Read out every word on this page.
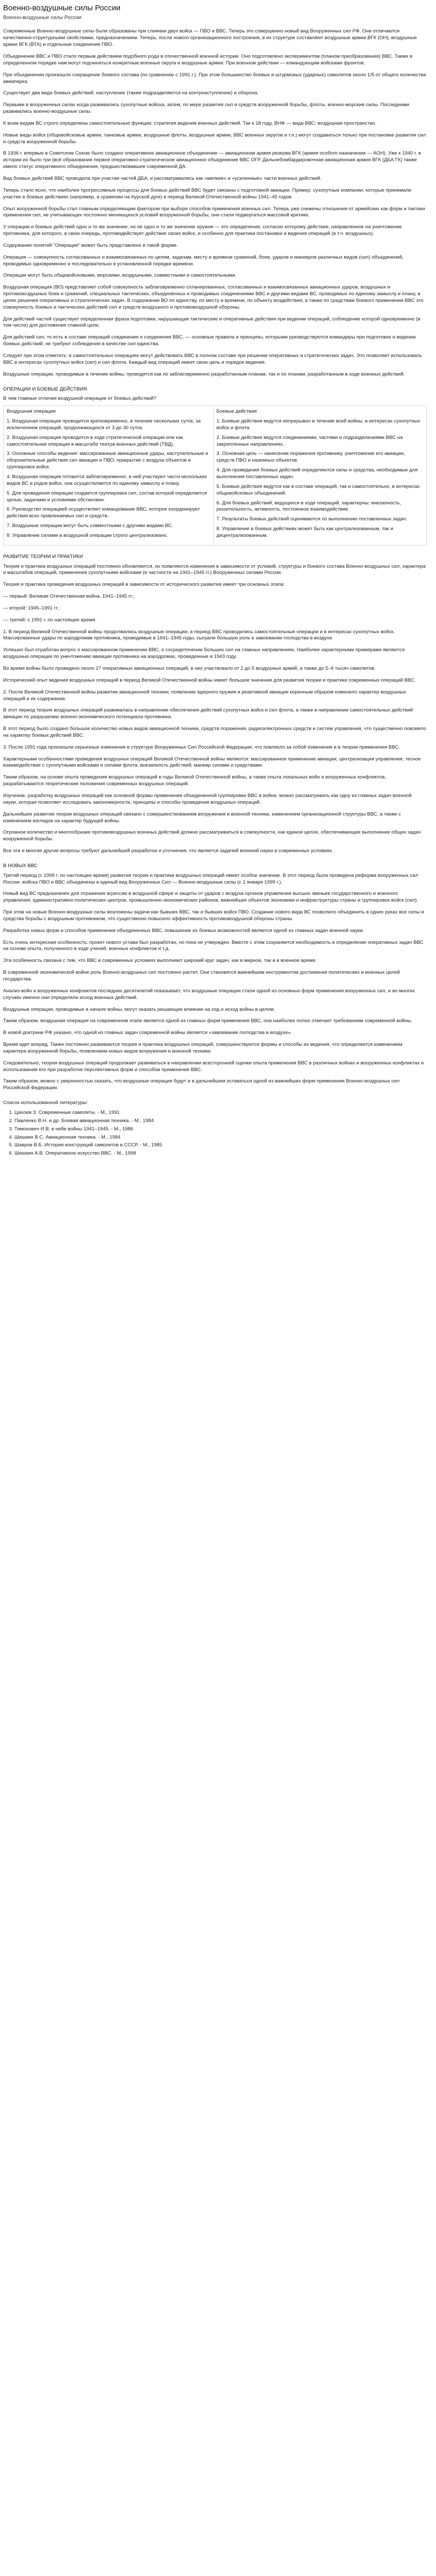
Военно-воздушные силы России
Военно-воздушные силы России

Современные Военно-воздушные силы были образованы при слиянии двух войск — ПВО и ВВС. Теперь это совершенно новый вид Вооруженных сил РФ. Они отличаются качественно-структурными свойствами, предназначением. Теперь, после нового организационного построения, в их структуре составляют воздушные армии ВГК (ОН), воздушные армии ВГК (ВТА) и отдельные соединения ПВО.

Объединение ВВС и ПВО стало первым действием подобного рода в отечественной военной истории. Оно подготовлено экспериментом (планом преобразования) ВВС. Также в определенном порядке нам могут подчиняться конкретные военные округа и воздушные армии. При военном действии — командующим войсками фронтов.

При объединении произошло сокращение боевого состава (по сравнению с 1991 г.). При этом большинство боевых и штурмовых (ударных) самолетов около 1/5 от общего количества авиапарка.

Существует два вида боевых действий: наступление (также подразделяются на контрнаступление) и оборона.

Первыми в вооруженных силах когда развивались сухопутные войска, затем, по мере развития сил и средств вооруженной борьбы, флоты, военно-морские силы. Последними развивались военно-воздушные силы.

К всем видам ВС строго определены самостоятельные функции: стратегия ведения военных действий. Так к 18 году, ВНФ — вида ВВС: воздушная пространство.

Новые виды войск (общевойсковые армии, танковые армии, воздушные флоты, воздушные армии, ВВС военных округов и т.п.) могут создаваться только при постановке развития сил и средств вооруженной борьбы.

В 1936 г. впервые в Советском Союзе было создано оперативное авиационное объединение — авиационная армия резерва ВГК (армия особого назначения — АОН). Уже к 1940 г. в истории их было три (всё образование первое оперативно-стратегическое авиационное объединение ВВС ОГР. Дальнебомбардировочная авиационная армия ВГК (ДБА ГК) также имело статус оперативного объединения, предшествовавшее современной ДА.

Вид боевых действий ВВС проводила при участии частей ДБА, и рассматривались как «мелкие» и «усиленные» части военных действий.

Теперь стало ясно, что наиболее прогрессивные процессы для боевых действий ВВС будет связаны с подготовкой авиации. Пример: сухопутные компании, которые принимали участие в боевых действиях (например, в сражении на Курской дуге) в период Великой Отечественной войны 1941–45 годов.

Опыт вооруженной борьбы стал главным определяющим фактором при выборе способов применения военных сил. Теперь уже снижены отношения от армейских как форм и тактики применения сил, не учитывающих постоянно меняющихся условий вооруженной борьбы, они стали подвергаться массовой критике.

У операции и боевых действий одно и то же значение, но не одно и то же значение оружия — это определение, согласно которому действие, направленное на уничтожение противника, для которого, в свою очередь, противодействует действие своих войск, и особенно для практики постановки и ведения операций (в т.ч. воздушных).

Содержание понятий "Операция" может быть представлено в такой форме.

Операция — совокупность согласованных и взаимосвязанных по целям, задачам, месту и времени сражений, боев, ударов и маневров различных видов (сил) объединений, проводимых одновременно и последовательно в установленной порядке времени.

Операции могут быть общевойсковыми, морскими, воздушными, совместными и самостоятельными.

Воздушная операция (ВО) представляет собой совокупность заблаговременно спланированных, согласованных и взаимосвязанных авиационных ударов, воздушных и противовоздушных боев и сражений, специальных тактических, объединённых и проводимых соединениями ВВС и другими видами ВС, проводимых по единому замыслу и плану, в целях решения оперативных и стратегических задач. В содержании ВО по единству, по месту и времени, по объекту воздействия, а также по средствам боевого применения ВВС это совокупность боевых и тактических действий сил и средств воздушного и противовоздушной обороны.

Для действий частей существует определенная фраза подготовки, нарушающая тактические и оперативные действия при ведении операций, соблюдение которой одновременно (в том числе) для достижения главной цели.

Для действий сил, то есть в составе операций соединения и соединения ВВС, — основные правила и принципы, которыми руководствуются командиры при подготовке и ведении боевых действий, не требуют соблюдения в качестве сил единства.

Следует при этом отметить: в самостоятельных операциях могут действовать ВВС в полном составе при решении оперативных и стратегических задач. Это позволяет использовать ВВС в интересах сухопутных войск (сил) и сил флота. Каждый вид операций имеет свою цель и порядок ведения.

Воздушные операции, проводимые в течение войны, проводятся как по заблаговременно разработанным планам, так и по планам, разработанным в ходе военных действий.

ОПЕРАЦИИ И БОЕВЫЕ ДЕЙСТВИЯ.
В чем главные отличия воздушной операции от боевых действий?
Воздушная операция
1. Воздушная операция проводится кратковременно, в течение нескольких суток, за исключением операций, продолжающихся от 3 до 30 суток.
2. Воздушная операция проводится в ходе стратегической операции или как самостоятельная операция в масштабе театра военных действий (ТВД).
3. Основные способы ведения: массированные авиационные удары, наступательные и оборонительные действия сил авиации и ПВО, прикрытие с воздуха объектов и группировок войск.
4. Воздушная операция готовится заблаговременно, в ней участвуют части нескольких видов ВС и родов войск, она осуществляется по единому замыслу и плану.
5. Для проведения операции создается группировка сил, состав которой определяется целью, задачами и условиями обстановки.
6. Руководство операцией осуществляет командование ВВС, которое координирует действия всех привлекаемых сил и средств.
7. Воздушные операции могут быть совместными с другими видами ВС.
8. Управление силами в воздушной операции строго централизовано.

Боевые действия
1. Боевые действия ведутся непрерывно в течение всей войны, в интересах сухопутных войск и флота.
2. Боевые действия ведутся соединениями, частями и подразделениями ВВС на закрепленных направлениях.
3. Основная цель — нанесение поражения противнику, уничтожение его авиации, средств ПВО и наземных объектов.
4. Для проведения боевых действий определяются силы и средства, необходимые для выполнения поставленных задач.
5. Боевые действия ведутся как в составе операций, так и самостоятельно, в интересах общевойсковых объединений.
6. Для боевых действий, ведущихся в ходе операций, характерны: внезапность, решительность, активность, постоянное взаимодействие.
7. Результаты боевых действий оцениваются по выполнению поставленных задач.
8. Управление в боевых действиях может быть как централизованным, так и децентрализованным.
РАЗВИТИЕ ТЕОРИИ И ПРАКТИКИ

Теория и практика воздушных операций постоянно обновляются, их появляются изменения в зависимости от условий, структуры и боевого состава Военно-воздушных сил, характера и масштабов операций, применения сухопутными войсками (в частности на 1941–1945 гг.) Вооруженных силами России.

Теория и практика проведения воздушных операций в зависимости от исторического развития имеет три основных этапа:

— первый: Великая Отечественная война, 1941–1945 гг.;

— второй: 1945–1991 гг.;

— третий: с 1991 г. по настоящее время.

1. В период Великой Отечественной войны продолжились воздушные операции, в период ВВС проводились самостоятельные операции и в интересах сухопутных войск. Массированные удары по аэродромам противника, проводимые в 1941–1945 годы, сыграли большую роль в завоевании господства в воздухе.

Успешно был отработан вопрос о массированном применении ВВС, о сосредоточении больших сил на главных направлениях. Наиболее характерными примерами являются воздушные операции по уничтожению авиации противника на аэродромах, проведенные в 1943 году.

Во время войны было проведено около 27 оперативных авиационных операций, в них участвовало от 2 до 5 воздушных армий, а также до 5–6 тысяч самолетов.

Исторический опыт ведения воздушных операций в период Великой Отечественной войны имеет большое значение для развития теории и практики современных операций ВВС.

2. После Великой Отечественной войны развитие авиационной техники, появление ядерного оружия и реактивной авиации коренным образом изменило характер воздушных операций и их содержание.

В этот период теория воздушных операций развивалась в направлении обеспечения действий сухопутных войск и сил флота, а также в направлении самостоятельных действий авиации по разрушению военно-экономического потенциала противника.

В этот период было создано большое количество новых видов авиационной техники, средств поражения, радиоэлектронных средств и систем управления, что существенно повлияло на характер боевых действий ВВС.

3. После 1991 года произошли серьезные изменения в структуре Вооруженных Сил Российской Федерации, что повлекло за собой изменения и в теории применения ВВС.

Характерными особенностями проведения воздушных операций Великой Отечественной войны являются: массированное применение авиации; централизация управления; тесное взаимодействие с сухопутными войсками и силами флота; внезапность действий; маневр силами и средствами.

Таким образом, на основе опыта проведения воздушных операций в годы Великой Отечественной войны, а также опыта локальных войн и вооруженных конфликтов, разрабатываются теоретические положения современных воздушных операций.

Изучение, разработку воздушных операций как основной формы применения объединенной группировки ВВС в войне, можно рассматривать как одну из главных задач военной науки, которая позволяет исследовать закономерности, принципы и способы проведения воздушных операций.

Дальнейшее развитие теории воздушных операций связано с совершенствованием вооружения и военной техники, изменением организационной структуры ВВС, а также с изменением взглядов на характер будущей войны.

Огромное количество и многообразие противовоздушных военных действий должно рассматриваться в совокупности, как единое целое, обеспечивающее выполнение общих задач вооруженной борьбы.

Все эти и многие другие вопросы требуют дальнейшей разработки и уточнения, что является задачей военной науки в современных условиях.

В НОВЫХ ВВС

Третий период (с 1999 г. по настоящее время) развития теории и практики воздушных операций имеет особое значение. В этот период была проведена реформа вооруженных сил России: войска ПВО и ВВС объединены в единый вид Вооруженных Сил — Военно-воздушные силы (с 1 января 1999 г.).

Новый вид ВС предназначен для отражения агрессии в воздушной сфере и защиты от ударов с воздуха органов управления высших звеньев государственного и военного управления, административно-политических центров, промышленно-экономических районов, важнейших объектов экономики и инфраструктуры страны и группировок войск (сил).

При этом на новые Военно-воздушные силы возложены задачи как бывших ВВС, так и бывших войск ПВО. Создание нового вида ВС позволило объединить в одних руках все силы и средства борьбы с воздушным противником, что существенно повысило эффективность противовоздушной обороны страны.

Разработка новых форм и способов применения объединенных ВВС, повышение их боевых возможностей является одной из главных задач военной науки.

Есть очень интересная особенность: проект нового устава был разработан, но пока не утвержден. Вместе с этим сохраняется необходимость в определении оперативных задач ВВС на основе опыта, полученного в ходе учений, военных конфликтов и т.д.

Эта особенность связана с тем, что ВВС в современных условиях выполняют широкий круг задач, как в мирное, так и в военное время.

В современной экономической войне роль Военно-воздушных сил постоянно растет. Они становятся важнейшим инструментом достижения политических и военных целей государства.

Анализ войн и вооруженных конфликтов последних десятилетий показывает, что воздушные операции стали одной из основных форм применения вооруженных сил, и во многих случаях именно они определяли исход военных действий.

Воздушные операции, проводимые в начале войны, могут оказать решающее влияние на ход и исход войны в целом.

Таким образом, воздушная операция на современном этапе является одной из главных форм применения ВВС, она наиболее полно отвечает требованиям современной войны.

В новой доктрине РФ указано, что одной из главных задач современной войны является «завоевание господства в воздухе».

Время идет вперед. Также постоянно развиваются теория и практика воздушных операций, совершенствуются формы и способы их ведения, что определяется изменением характера вооруженной борьбы, появлением новых видов вооружения и военной техники.

Следовательно, теория воздушных операций продолжает развиваться в направлении всесторонней оценки опыта применения ВВС в различных войнах и вооруженных конфликтах и использования его при разработке перспективных форм и способов применения ВВС.

Таким образом, можно с уверенностью сказать, что воздушные операции будут и в дальнейшем оставаться одной из важнейших форм применения Военно-воздушных сил Российской Федерации.

Список использованной литературы:
1. Цахоев З. Современные самолеты. - М., 1991
2. Павленко В.Н. и др. Боевая авиационная техника. - М., 1984
3. Тимохович И.В. в небе войны 1941–1945. - М., 1986
4. Шишкин В.С. Авиационная техника. - М., 1984
5. Шавров В.Б. История конструкций самолетов в СССР. - М., 1985
6. Шишкин А.В. Оперативное искусство ВВС. - М., 1998
